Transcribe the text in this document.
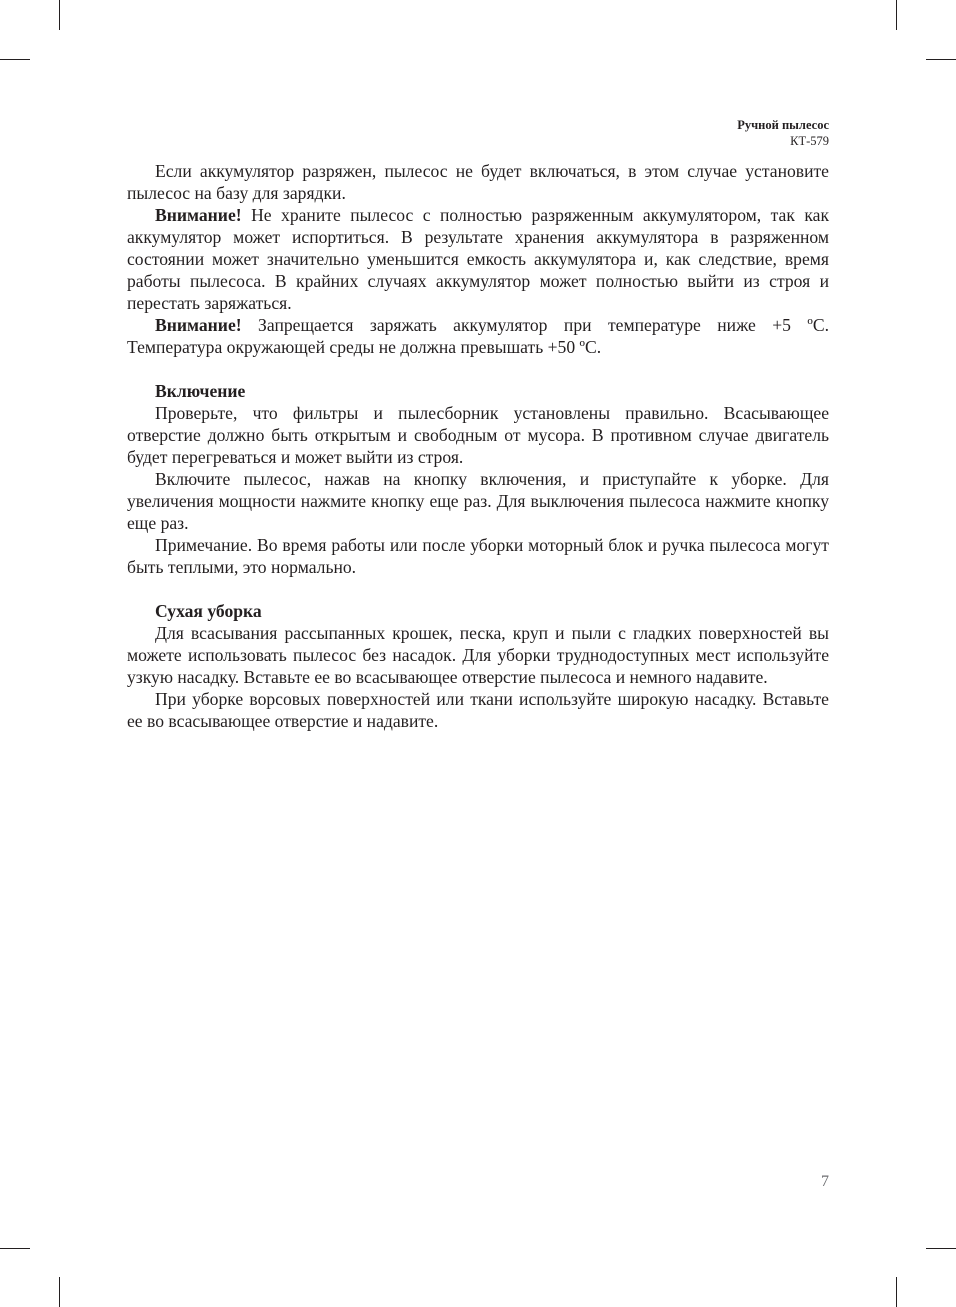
Ручной пылесос
КТ-579

Если аккумулятор разряжен, пылесос не будет включаться, в этом случае установите пылесос на базу для зарядки.

Внимание! Не храните пылесос с полностью разряженным аккумулятором, так как аккумулятор может испортиться. В результате хранения аккумулятора в разряженном состоянии может значительно уменьшится емкость аккумулятора и, как следствие, время работы пылесоса. В крайних случаях аккумулятор может полностью выйти из строя и перестать заряжаться.

Внимание! Запрещается заряжать аккумулятор при температуре ниже +5 ºC. Температура окружающей среды не должна превышать +50 ºC.

Включение

Проверьте, что фильтры и пылесборник установлены правильно. Всасывающее отверстие должно быть открытым и свободным от мусора. В противном случае двигатель будет перегреваться и может выйти из строя.

Включите пылесос, нажав на кнопку включения, и приступайте к уборке. Для увеличения мощности нажмите кнопку еще раз. Для выключения пылесоса нажмите кнопку еще раз.

Примечание. Во время работы или после уборки моторный блок и ручка пылесоса могут быть теплыми, это нормально.

Сухая уборка

Для всасывания рассыпанных крошек, песка, круп и пыли с гладких поверхностей вы можете использовать пылесос без насадок. Для уборки труднодоступных мест используйте узкую насадку. Вставьте ее во всасывающее отверстие пылесоса и немного надавите.

При уборке ворсовых поверхностей или ткани используйте широкую насадку. Вставьте ее во всасывающее отверстие и надавите.

7
